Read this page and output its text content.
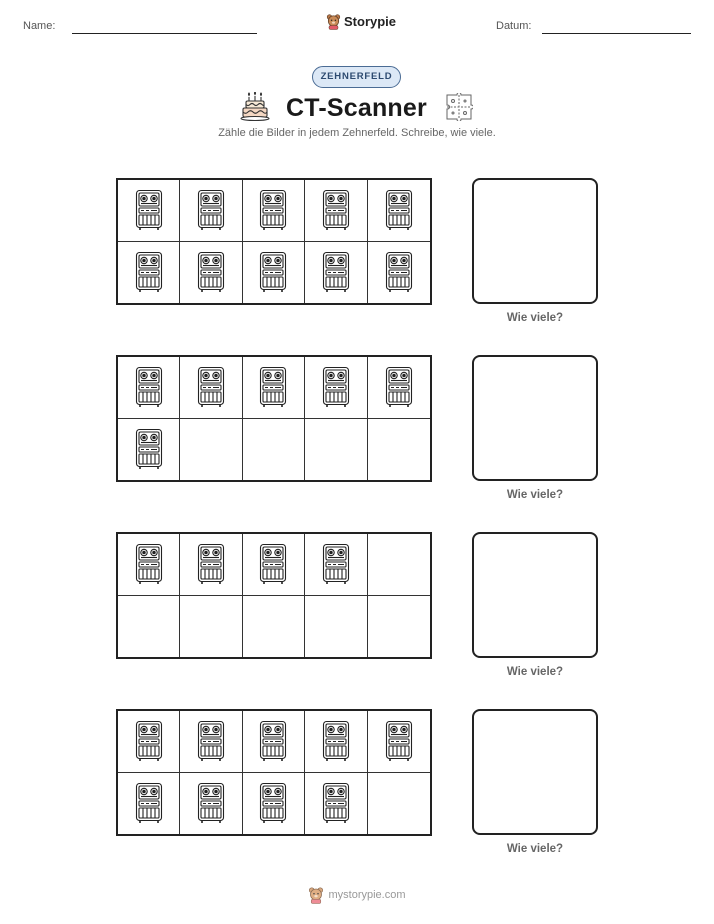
Name:	Storypie	Datum:
ZEHNERFELD
CT-Scanner
Zähle die Bilder in jedem Zehnerfeld. Schreibe, wie viele.
Wie viele?
Wie viele?
Wie viele?
Wie viele?
mystorypie.com
